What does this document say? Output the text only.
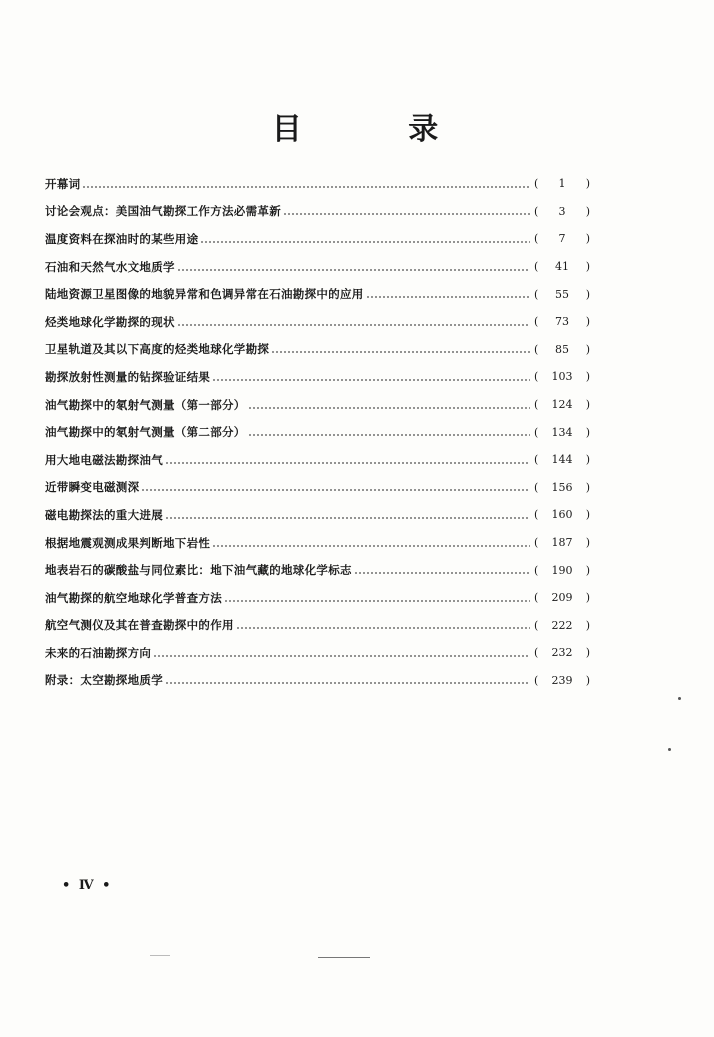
目 录
开幕词	(	1	)
讨论会观点：美国油气勘探工作方法必需革新	(	3	)
温度资料在探油时的某些用途	(	7	)
石油和天然气水文地质学	(	41	)
陆地资源卫星图像的地貌异常和色调异常在石油勘探中的应用	(	55	)
烃类地球化学勘探的现状	(	73	)
卫星轨道及其以下高度的烃类地球化学勘探	(	85	)
勘探放射性测量的钻探验证结果	(	103	)
油气勘探中的氡射气测量（第一部分）	(	124	)
油气勘探中的氡射气测量（第二部分）	(	134	)
用大地电磁法勘探油气	(	144	)
近带瞬变电磁测深	(	156	)
磁电勘探法的重大进展	(	160	)
根据地震观测成果判断地下岩性	(	187	)
地表岩石的碳酸盐与同位素比：地下油气藏的地球化学标志	(	190	)
油气勘探的航空地球化学普查方法	(	209	)
航空气测仪及其在普查勘探中的作用	(	222	)
未来的石油勘探方向	(	232	)
附录：太空勘探地质学	(	239	)
• Ⅳ •
